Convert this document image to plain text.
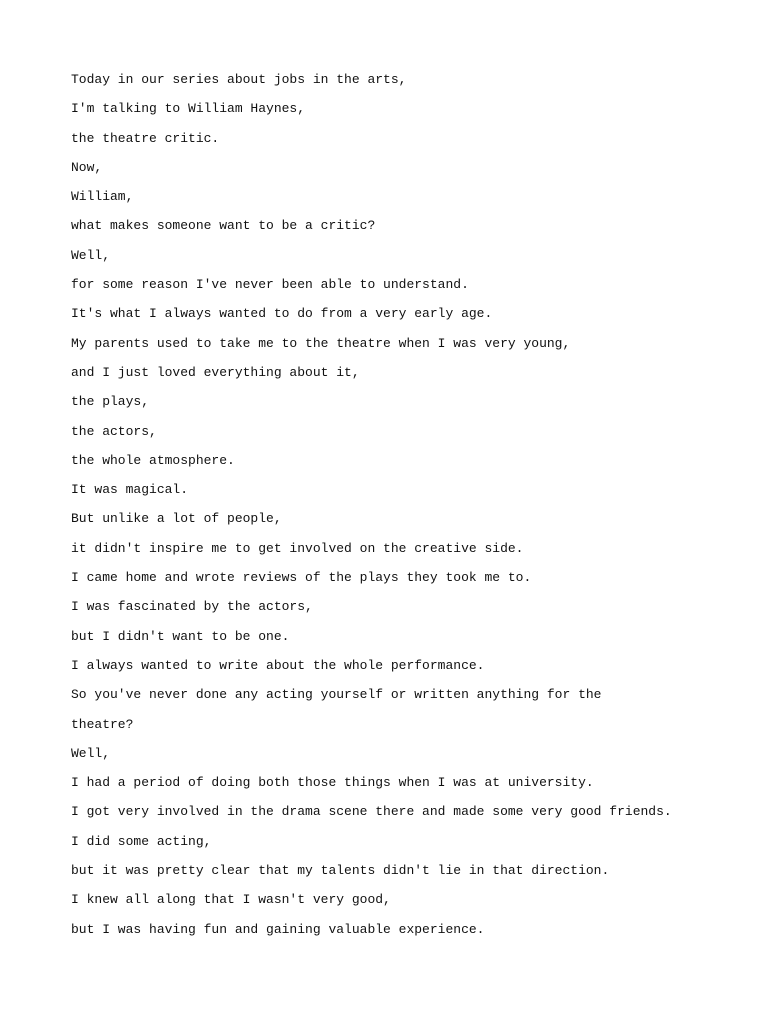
Today in our series about jobs in the arts,
I'm talking to William Haynes,
the theatre critic.
Now,
William,
what makes someone want to be a critic?
Well,
for some reason I've never been able to understand.
It's what I always wanted to do from a very early age.
My parents used to take me to the theatre when I was very young,
and I just loved everything about it,
the plays,
the actors,
the whole atmosphere.
It was magical.
But unlike a lot of people,
it didn't inspire me to get involved on the creative side.
I came home and wrote reviews of the plays they took me to.
I was fascinated by the actors,
but I didn't want to be one.
I always wanted to write about the whole performance.
So you've never done any acting yourself or written anything for the
theatre?
Well,
I had a period of doing both those things when I was at university.
I got very involved in the drama scene there and made some very good friends.
I did some acting,
but it was pretty clear that my talents didn't lie in that direction.
I knew all along that I wasn't very good,
but I was having fun and gaining valuable experience.
